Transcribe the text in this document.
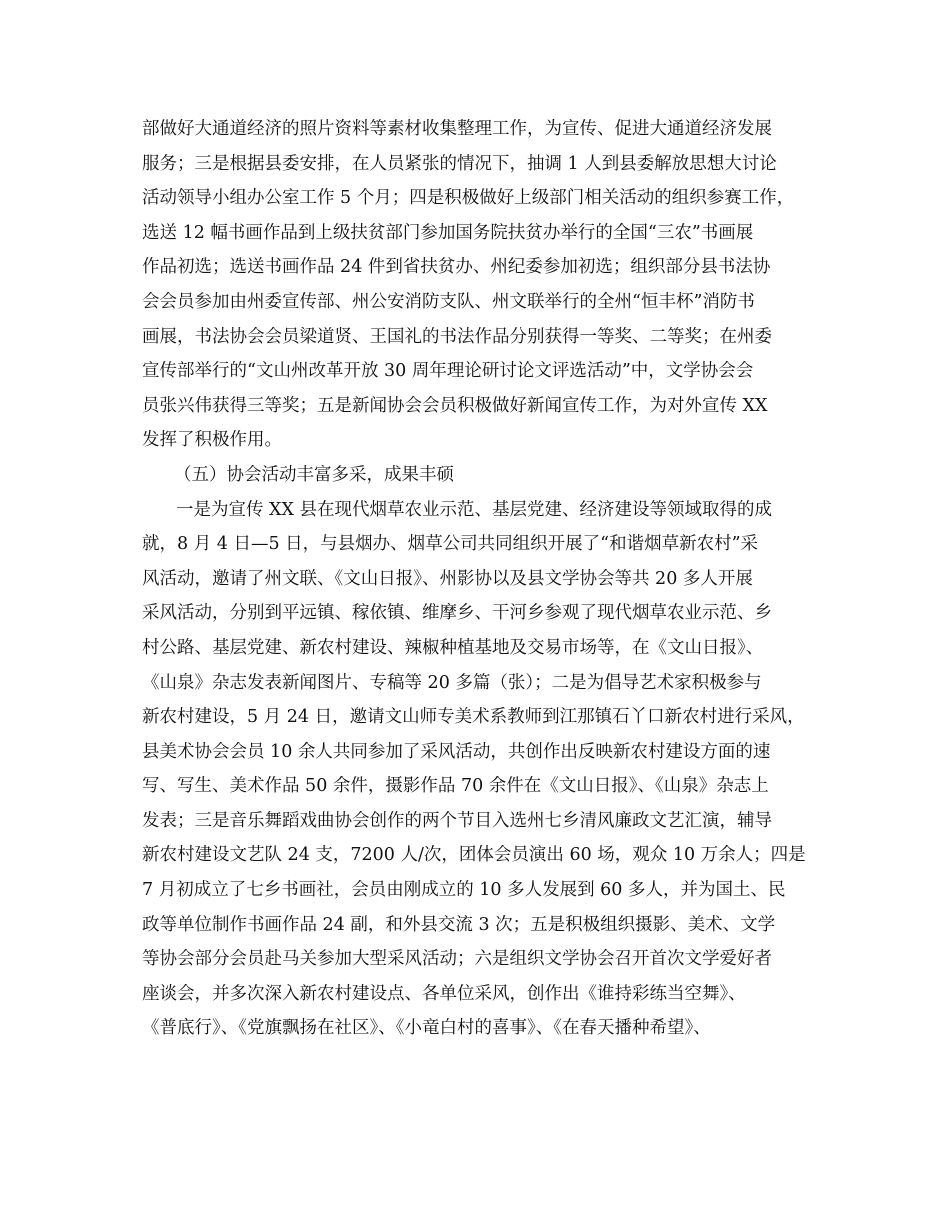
部做好大通道经济的照片资料等素材收集整理工作，为宣传、促进大通道经济发展
服务；三是根据县委安排，在人员紧张的情况下，抽调 1 人到县委解放思想大讨论
活动领导小组办公室工作 5 个月；四是积极做好上级部门相关活动的组织参赛工作，
选送 12 幅书画作品到上级扶贫部门参加国务院扶贫办举行的全国“三农”书画展
作品初选；选送书画作品 24 件到省扶贫办、州纪委参加初选；组织部分县书法协
会会员参加由州委宣传部、州公安消防支队、州文联举行的全州“恒丰杯”消防书
画展，书法协会会员梁道贤、王国礼的书法作品分别获得一等奖、二等奖；在州委
宣传部举行的“文山州改革开放 30 周年理论研讨论文评选活动”中，文学协会会
员张兴伟获得三等奖；五是新闻协会会员积极做好新闻宣传工作，为对外宣传 XX
发挥了积极作用。
（五）协会活动丰富多采，成果丰硕
一是为宣传 XX 县在现代烟草农业示范、基层党建、经济建设等领域取得的成
就，8 月 4 日—5 日，与县烟办、烟草公司共同组织开展了“和谐烟草新农村”采
风活动，邀请了州文联、《文山日报》、州影协以及县文学协会等共 20 多人开展
采风活动，分别到平远镇、稼依镇、维摩乡、干河乡参观了现代烟草农业示范、乡
村公路、基层党建、新农村建设、辣椒种植基地及交易市场等，在《文山日报》、
《山泉》杂志发表新闻图片、专稿等 20 多篇（张）；二是为倡导艺术家积极参与
新农村建设，5 月 24 日，邀请文山师专美术系教师到江那镇石丫口新农村进行采风，
县美术协会会员 10 余人共同参加了采风活动，共创作出反映新农村建设方面的速
写、写生、美术作品 50 余件，摄影作品 70 余件在《文山日报》、《山泉》杂志上
发表；三是音乐舞蹈戏曲协会创作的两个节目入选州七乡清风廉政文艺汇演，辅导
新农村建设文艺队 24 支，7200 人/次，团体会员演出 60 场，观众 10 万余人；四是
7 月初成立了七乡书画社，会员由刚成立的 10 多人发展到 60 多人，并为国土、民
政等单位制作书画作品 24 副，和外县交流 3 次；五是积极组织摄影、美术、文学
等协会部分会员赴马关参加大型采风活动；六是组织文学协会召开首次文学爱好者
座谈会，并多次深入新农村建设点、各单位采风，创作出《谁持彩练当空舞》、
《普底行》、《党旗飘扬在社区》、《小竜白村的喜事》、《在春天播种希望》、
